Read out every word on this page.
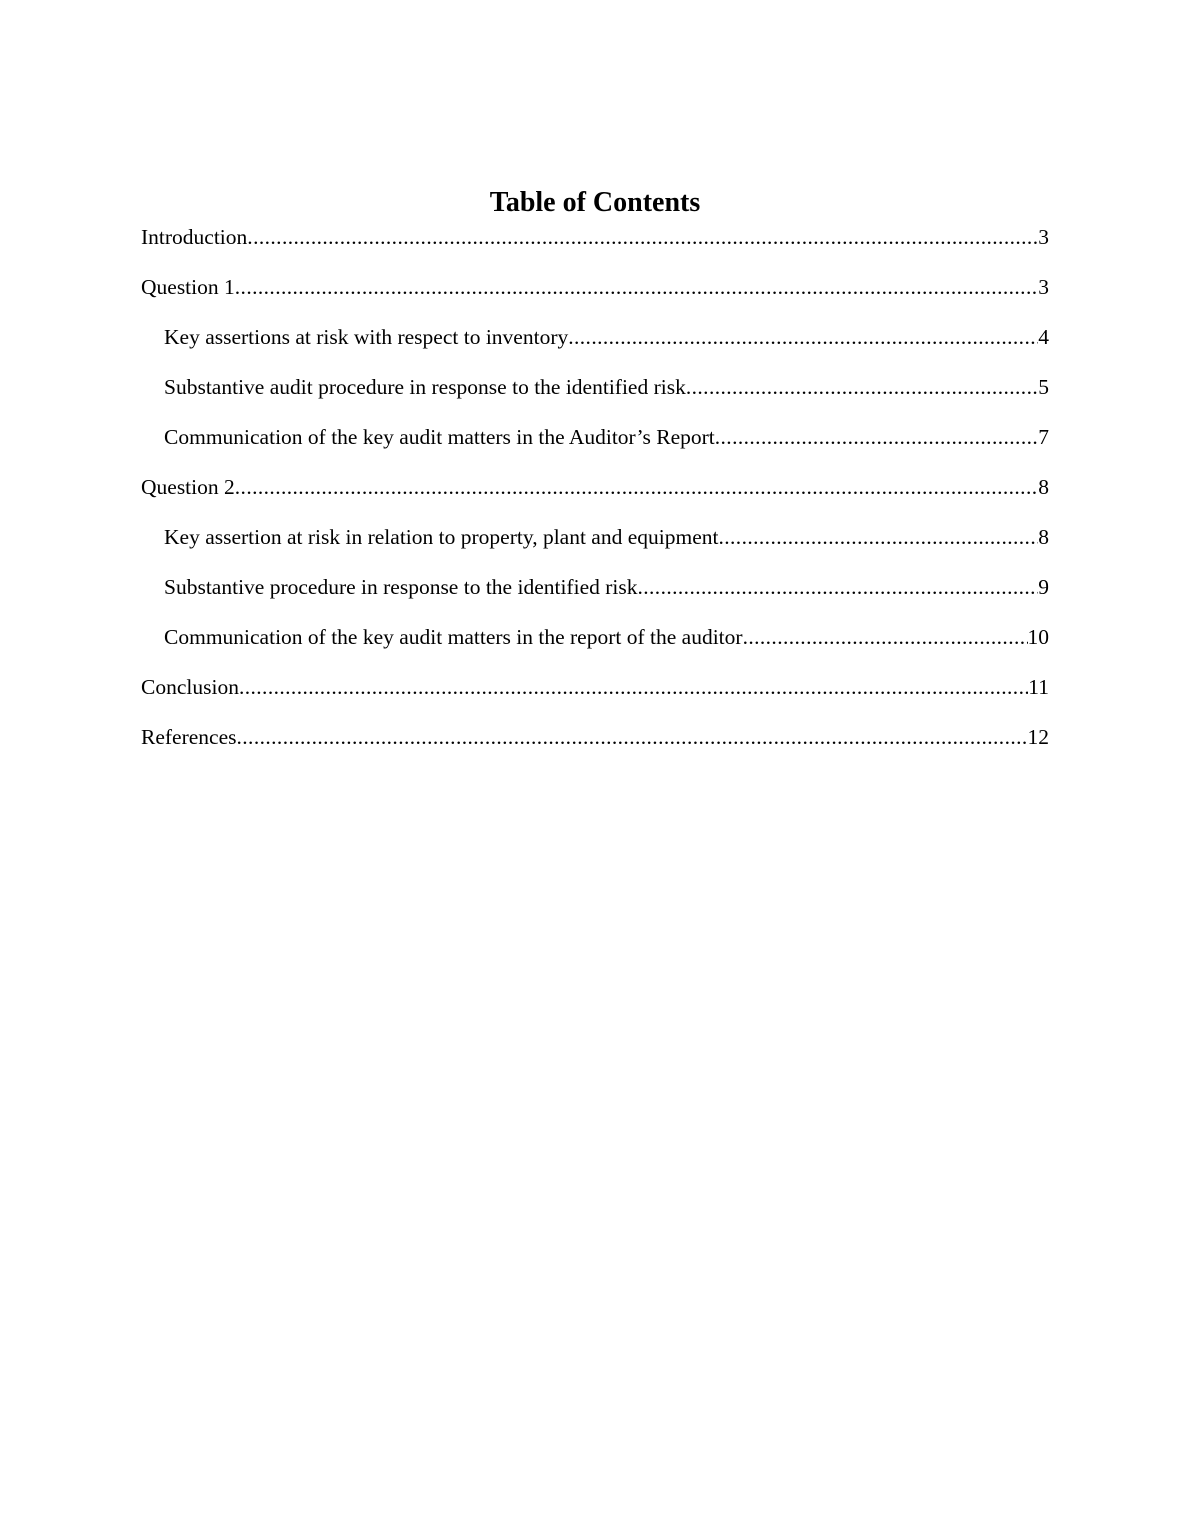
Table of Contents
Introduction .....	3
Question 1 .....	3
Key assertions at risk with respect to inventory .....	4
Substantive audit procedure in response to the identified risk .....	5
Communication of the key audit matters in the Auditor’s Report .....	7
Question 2 .....	8
Key assertion at risk in relation to property, plant and equipment .....	8
Substantive procedure in response to the identified risk .....	9
Communication of the key audit matters in the report of the auditor .....	10
Conclusion .....	11
References .....	12
